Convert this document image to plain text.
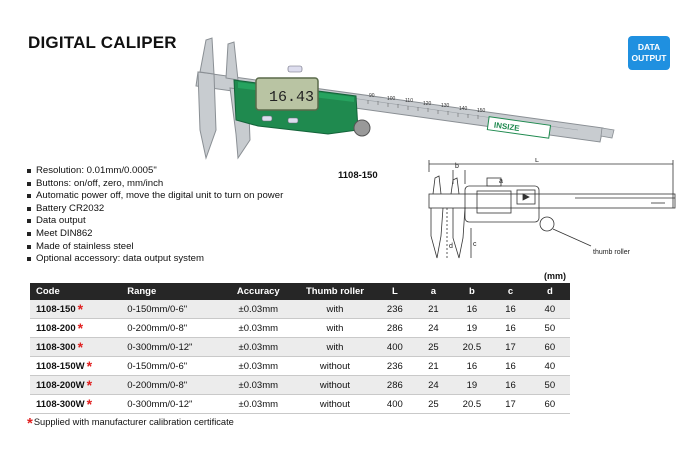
DIGITAL CALIPER	DATA
OUTPUT
90 100 110 120 130 140 150
16.43
INSIZE
1108-150
Resolution: 0.01mm/0.0005"
Buttons: on/off, zero, mm/inch
Automatic power off, move the digital unit to turn on power
Battery CR2032
Data output
Meet DIN862
Made of stainless steel
Optional accessory: data output system
L
b
a
c
d
thumb roller
(mm)
Code	Range	Accuracy	Thumb roller	L	a	b	c	d
1108-150 *	0-150mm/0-6"	±0.03mm	with	236	21	16	16	40
1108-200 *	0-200mm/0-8"	±0.03mm	with	286	24	19	16	50
1108-300 *	0-300mm/0-12"	±0.03mm	with	400	25	20.5	17	60
1108-150W *	0-150mm/0-6"	±0.03mm	without	236	21	16	16	40
1108-200W *	0-200mm/0-8"	±0.03mm	without	286	24	19	16	50
1108-300W *	0-300mm/0-12"	±0.03mm	without	400	25	20.5	17	60
*Supplied with manufacturer calibration certificate
